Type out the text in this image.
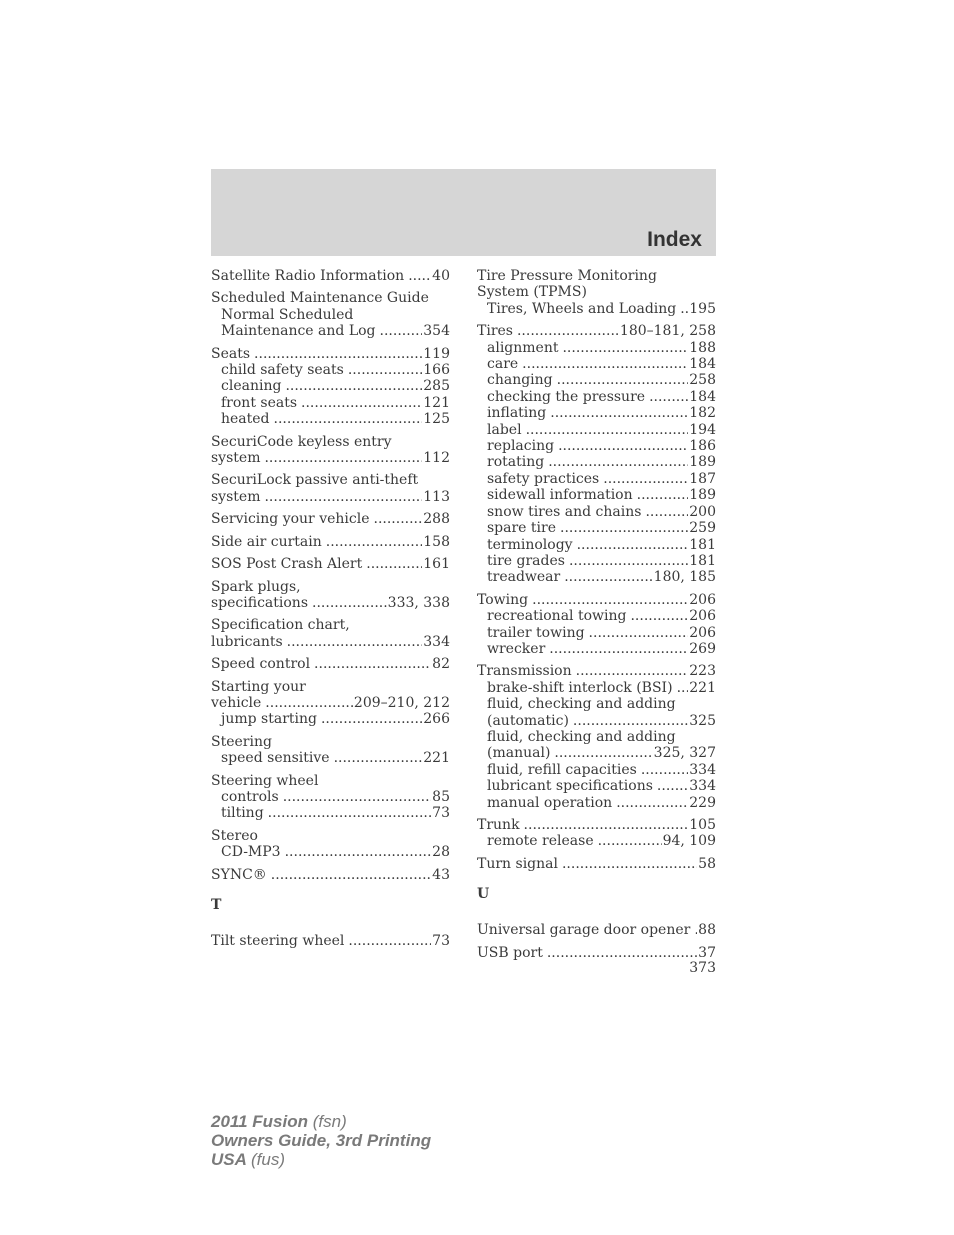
Index
Satellite Radio Information ..... 40
Scheduled Maintenance Guide
Normal Scheduled
Maintenance and Log .....	354
Seats .....	119
child safety seats .....	166
cleaning .....	285
front seats .....	121
heated .....	125
SecuriCode keyless entry
system .....	112
SecuriLock passive anti-theft
system .....	113
Servicing your vehicle .....	288
Side air curtain .....	158
SOS Post Crash Alert .....	161
Spark plugs,
specifications .....	333, 338
Specification chart,
lubricants .....	334
Speed control .....	82
Starting your
vehicle .....	209–210, 212
jump starting .....	266
Steering
speed sensitive .....	221
Steering wheel
controls .....	85
tilting .....	73
Stereo
CD-MP3 .....	28
SYNC® .....	43
T
Tilt steering wheel .....	73
Tire Pressure Monitoring
System (TPMS)
Tires, Wheels and Loading ..... 195
Tires .....	180–181, 258
alignment .....	188
care .....	184
changing .....	258
checking the pressure .....	184
inflating .....	182
label .....	194
replacing .....	186
rotating .....	189
safety practices .....	187
sidewall information .....	189
snow tires and chains .....	200
spare tire .....	259
terminology .....	181
tire grades .....	181
treadwear .....	180, 185
Towing .....	206
recreational towing .....	206
trailer towing .....	206
wrecker .....	269
Transmission .....	223
brake-shift interlock (BSI) ..... 221
fluid, checking and adding
(automatic) .....	325
fluid, checking and adding
(manual) .....	325, 327
fluid, refill capacities .....	334
lubricant specifications .....	334
manual operation .....	229
Trunk .....	105
remote release .....	94, 109
Turn signal .....	58
U
Universal garage door opener ..... 88
USB port .....	37
373
2011 Fusion (fsn)
Owners Guide, 3rd Printing
USA (fus)
